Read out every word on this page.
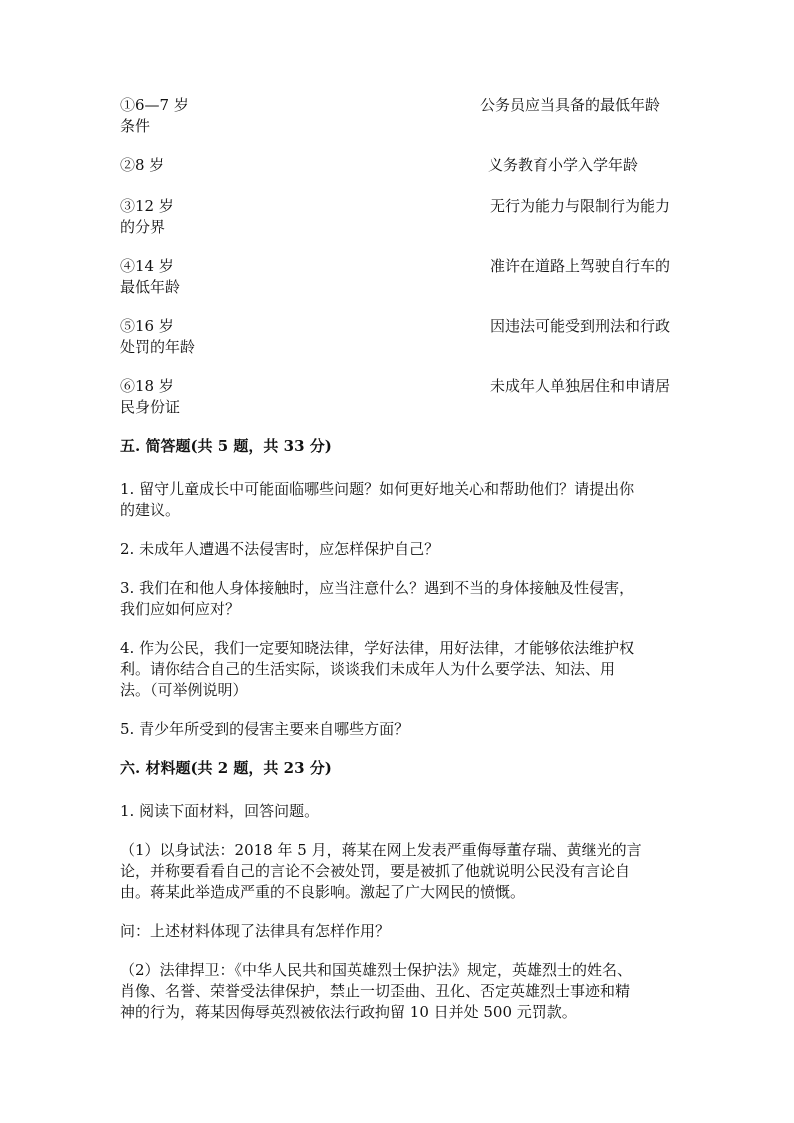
①6—7 岁	公务员应当具备的最低年龄
条件
②8 岁	义务教育小学入学年龄
③12 岁	无行为能力与限制行为能力
的分界
④14 岁	准许在道路上驾驶自行车的
最低年龄
⑤16 岁	因违法可能受到刑法和行政
处罚的年龄
⑥18 岁	未成年人单独居住和申请居
民身份证
五. 简答题(共 5 题，共 33 分)
1. 留守儿童成长中可能面临哪些问题？如何更好地关心和帮助他们？请提出你
的建议。
2. 未成年人遭遇不法侵害时，应怎样保护自己？
3. 我们在和他人身体接触时，应当注意什么？遇到不当的身体接触及性侵害，
我们应如何应对？
4. 作为公民，我们一定要知晓法律，学好法律，用好法律，才能够依法维护权
利。请你结合自己的生活实际，谈谈我们未成年人为什么要学法、知法、用
法。（可举例说明）
5. 青少年所受到的侵害主要来自哪些方面？
六. 材料题(共 2 题，共 23 分)
1. 阅读下面材料，回答问题。
（1）以身试法：2018 年 5 月，蒋某在网上发表严重侮辱董存瑞、黄继光的言
论，并称要看看自己的言论不会被处罚，要是被抓了他就说明公民没有言论自
由。蒋某此举造成严重的不良影响。激起了广大网民的愤慨。
问：上述材料体现了法律具有怎样作用？
（2）法律捍卫：《中华人民共和国英雄烈士保护法》规定，英雄烈士的姓名、
肖像、名誉、荣誉受法律保护，禁止一切歪曲、丑化、否定英雄烈士事迹和精
神的行为，蒋某因侮辱英烈被依法行政拘留 10 日并处 500 元罚款。
